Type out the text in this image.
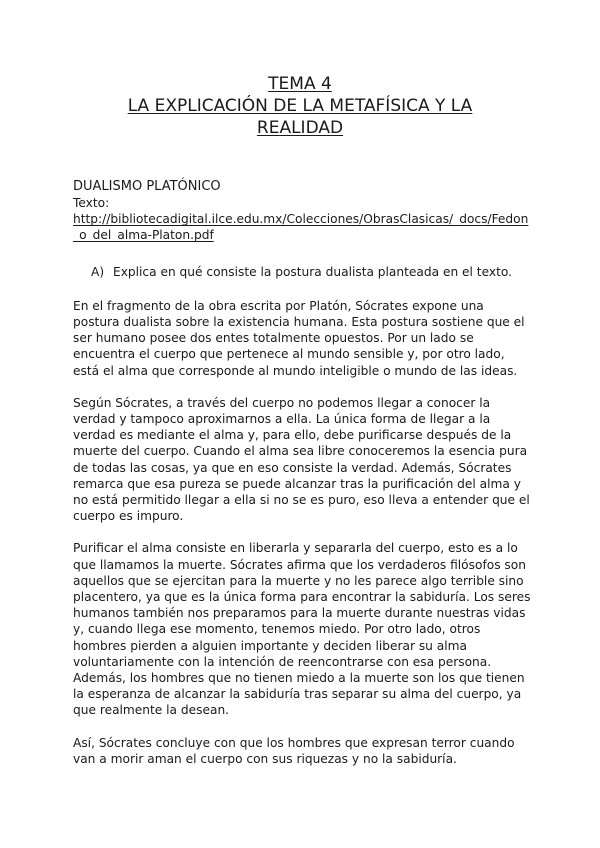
TEMA 4
LA EXPLICACIÓN DE LA METAFÍSICA Y LA
REALIDAD

DUALISMO PLATÓNICO

Texto:

http://bibliotecadigital.ilce.edu.mx/Colecciones/ObrasClasicas/_docs/Fedon_o_del_alma-Platon.pdf
A) Explica en qué consiste la postura dualista planteada en el texto.

En el fragmento de la obra escrita por Platón, Sócrates expone una postura dualista sobre la existencia humana. Esta postura sostiene que el ser humano posee dos entes totalmente opuestos. Por un lado se encuentra el cuerpo que pertenece al mundo sensible y, por otro lado, está el alma que corresponde al mundo inteligible o mundo de las ideas.

Según Sócrates, a través del cuerpo no podemos llegar a conocer la verdad y tampoco aproximarnos a ella. La única forma de llegar a la verdad es mediante el alma y, para ello, debe purificarse después de la muerte del cuerpo. Cuando el alma sea libre conoceremos la esencia pura de todas las cosas, ya que en eso consiste la verdad. Además, Sócrates remarca que esa pureza se puede alcanzar tras la purificación del alma y no está permitido llegar a ella si no se es puro, eso lleva a entender que el cuerpo es impuro.

Purificar el alma consiste en liberarla y separarla del cuerpo, esto es a lo que llamamos la muerte. Sócrates afirma que los verdaderos filósofos son aquellos que se ejercitan para la muerte y no les parece algo terrible sino placentero, ya que es la única forma para encontrar la sabiduría. Los seres humanos también nos preparamos para la muerte durante nuestras vidas y, cuando llega ese momento, tenemos miedo. Por otro lado, otros hombres pierden a alguien importante y deciden liberar su alma voluntariamente con la intención de reencontrarse con esa persona. Además, los hombres que no tienen miedo a la muerte son los que tienen la esperanza de alcanzar la sabiduría tras separar su alma del cuerpo, ya que realmente la desean.

Así, Sócrates concluye con que los hombres que expresan terror cuando van a morir aman el cuerpo con sus riquezas y no la sabiduría.
